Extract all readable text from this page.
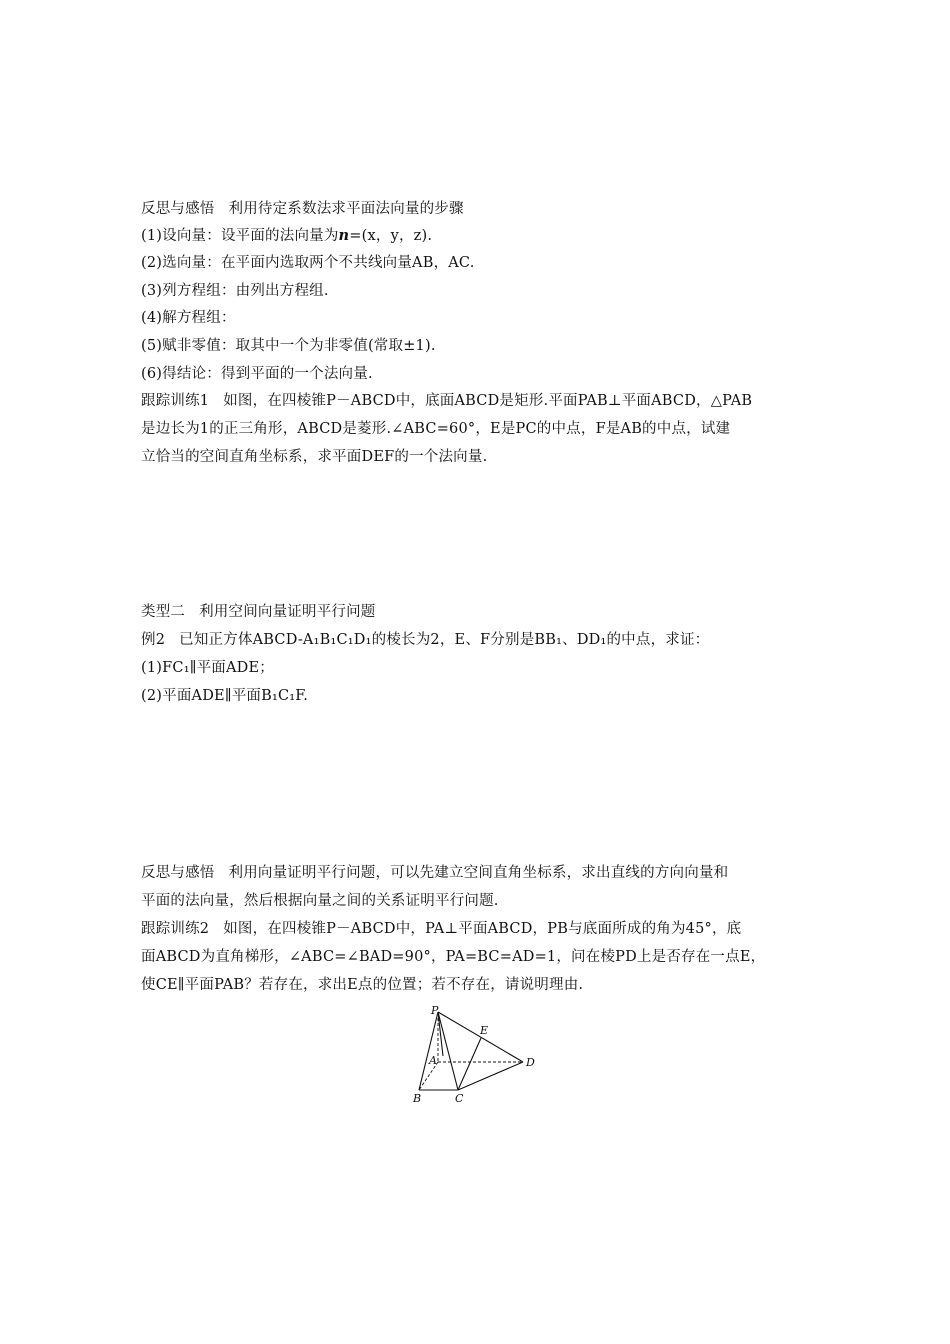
反思与感悟 利用待定系数法求平面法向量的步骤
(1)设向量：设平面的法向量为n=(x，y，z).
(2)选向量：在平面内选取两个不共线向量AB，AC.
(3)列方程组：由列出方程组.
(4)解方程组：
(5)赋非零值：取其中一个为非零值(常取±1).
(6)得结论：得到平面的一个法向量.
跟踪训练1 如图，在四棱锥P－ABCD中，底面ABCD是矩形.平面PAB⊥平面ABCD，△PAB
是边长为1的正三角形，ABCD是菱形.∠ABC=60°，E是PC的中点，F是AB的中点，试建
立恰当的空间直角坐标系，求平面DEF的一个法向量.
类型二 利用空间向量证明平行问题
例2 已知正方体ABCD-A₁B₁C₁D₁的棱长为2，E、F分别是BB₁、DD₁的中点，求证：
(1)FC₁∥平面ADE；
(2)平面ADE∥平面B₁C₁F.
反思与感悟 利用向量证明平行问题，可以先建立空间直角坐标系，求出直线的方向向量和
平面的法向量，然后根据向量之间的关系证明平行问题.
跟踪训练2 如图，在四棱锥P－ABCD中，PA⊥平面ABCD，PB与底面所成的角为45°，底
面ABCD为直角梯形，∠ABC=∠BAD=90°，PA=BC=AD=1，问在棱PD上是否存在一点E，
使CE∥平面PAB？若存在，求出E点的位置；若不存在，请说明理由.
P
E
A	D
B	C
